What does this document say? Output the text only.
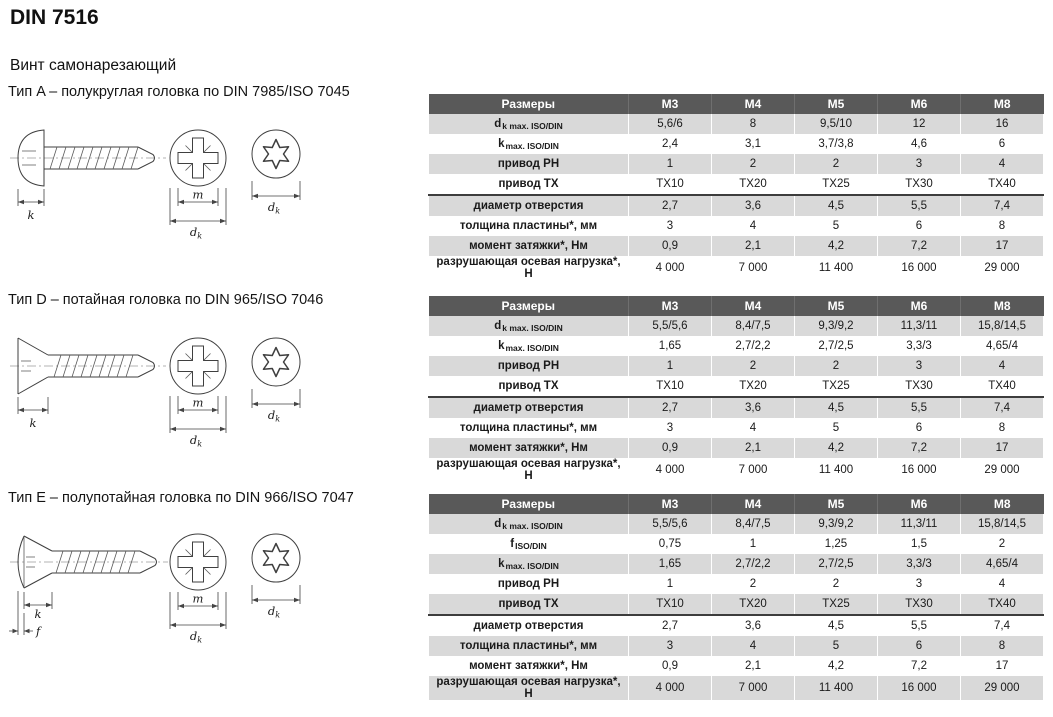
DIN 7516
Винт самонарезающий
Тип A – полукруглая головка по DIN 7985/ISO 7045
k
m
$d_k$
$d_k$
Размеры	M3	M4	M5	M6	M8
$d_{k max. ISO/DIN}$	5,6/6	8	9,5/10	12	16
$k_{max. ISO/DIN}$	2,4	3,1	3,7/3,8	4,6	6
привод PH	1	2	2	3	4
привод TX	TX10	TX20	TX25	TX30	TX40
диаметр отверстия	2,7	3,6	4,5	5,5	7,4
толщина пластины*, мм	3	4	5	6	8
момент затяжки*, Нм	0,9	2,1	4,2	7,2	17
разрушающая осевая нагрузка*, Н	4 000	7 000	11 400	16 000	29 000
Тип D – потайная головка по DIN 965/ISO 7046
k
m
$d_k$
$d_k$
Размеры	M3	M4	M5	M6	M8
$d_{k max. ISO/DIN}$	5,5/5,6	8,4/7,5	9,3/9,2	11,3/11	15,8/14,5
$k_{max. ISO/DIN}$	1,65	2,7/2,2	2,7/2,5	3,3/3	4,65/4
привод PH	1	2	2	3	4
привод TX	TX10	TX20	TX25	TX30	TX40
диаметр отверстия	2,7	3,6	4,5	5,5	7,4
толщина пластины*, мм	3	4	5	6	8
момент затяжки*, Нм	0,9	2,1	4,2	7,2	17
разрушающая осевая нагрузка*, Н	4 000	7 000	11 400	16 000	29 000
Тип E – полупотайная головка по DIN 966/ISO 7047
k
f
m
$d_k$
$d_k$
Размеры	M3	M4	M5	M6	M8
$d_{k max. ISO/DIN}$	5,5/5,6	8,4/7,5	9,3/9,2	11,3/11	15,8/14,5
$f_{ISO/DIN}$	0,75	1	1,25	1,5	2
$k_{max. ISO/DIN}$	1,65	2,7/2,2	2,7/2,5	3,3/3	4,65/4
привод PH	1	2	2	3	4
привод TX	TX10	TX20	TX25	TX30	TX40
диаметр отверстия	2,7	3,6	4,5	5,5	7,4
толщина пластины*, мм	3	4	5	6	8
момент затяжки*, Нм	0,9	2,1	4,2	7,2	17
разрушающая осевая нагрузка*, Н	4 000	7 000	11 400	16 000	29 000
